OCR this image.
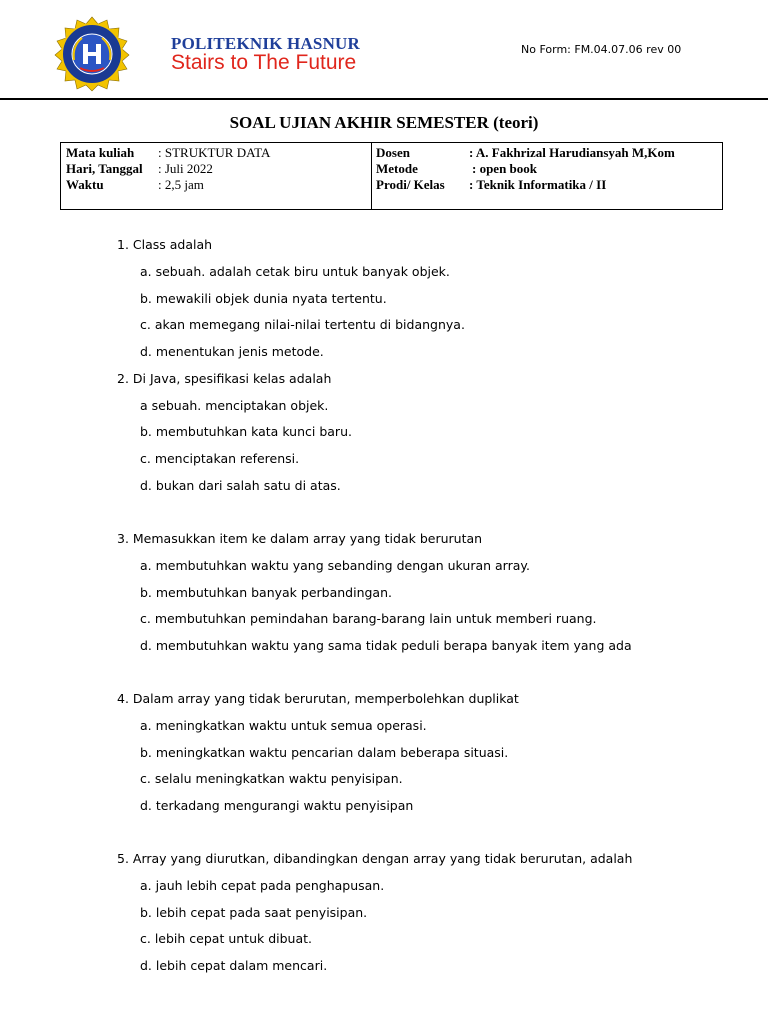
POLITEKNIK HASNUR
Stairs to The Future
No Form: FM.04.07.06 rev 00
SOAL UJIAN AKHIR SEMESTER (teori)
Mata kuliah : STRUKTUR DATA
Hari, Tanggal : Juli 2022
Waktu	: 2,5 jam
Dosen	: A. Fakhrizal Harudiansyah M,Kom
Metode	: open book
Prodi/ Kelas : Teknik Informatika / II
1. Class adalah
a. sebuah. adalah cetak biru untuk banyak objek.
b. mewakili objek dunia nyata tertentu.
c. akan memegang nilai-nilai tertentu di bidangnya.
d. menentukan jenis metode.
2. Di Java, spesifikasi kelas adalah
a sebuah. menciptakan objek.
b. membutuhkan kata kunci baru.
c. menciptakan referensi.
d. bukan dari salah satu di atas.
3. Memasukkan item ke dalam array yang tidak berurutan
a. membutuhkan waktu yang sebanding dengan ukuran array.
b. membutuhkan banyak perbandingan.
c. membutuhkan pemindahan barang-barang lain untuk memberi ruang.
d. membutuhkan waktu yang sama tidak peduli berapa banyak item yang ada
4. Dalam array yang tidak berurutan, memperbolehkan duplikat
a. meningkatkan waktu untuk semua operasi.
b. meningkatkan waktu pencarian dalam beberapa situasi.
c. selalu meningkatkan waktu penyisipan.
d. terkadang mengurangi waktu penyisipan
5. Array yang diurutkan, dibandingkan dengan array yang tidak berurutan, adalah
a. jauh lebih cepat pada penghapusan.
b. lebih cepat pada saat penyisipan.
c. lebih cepat untuk dibuat.
d. lebih cepat dalam mencari.
